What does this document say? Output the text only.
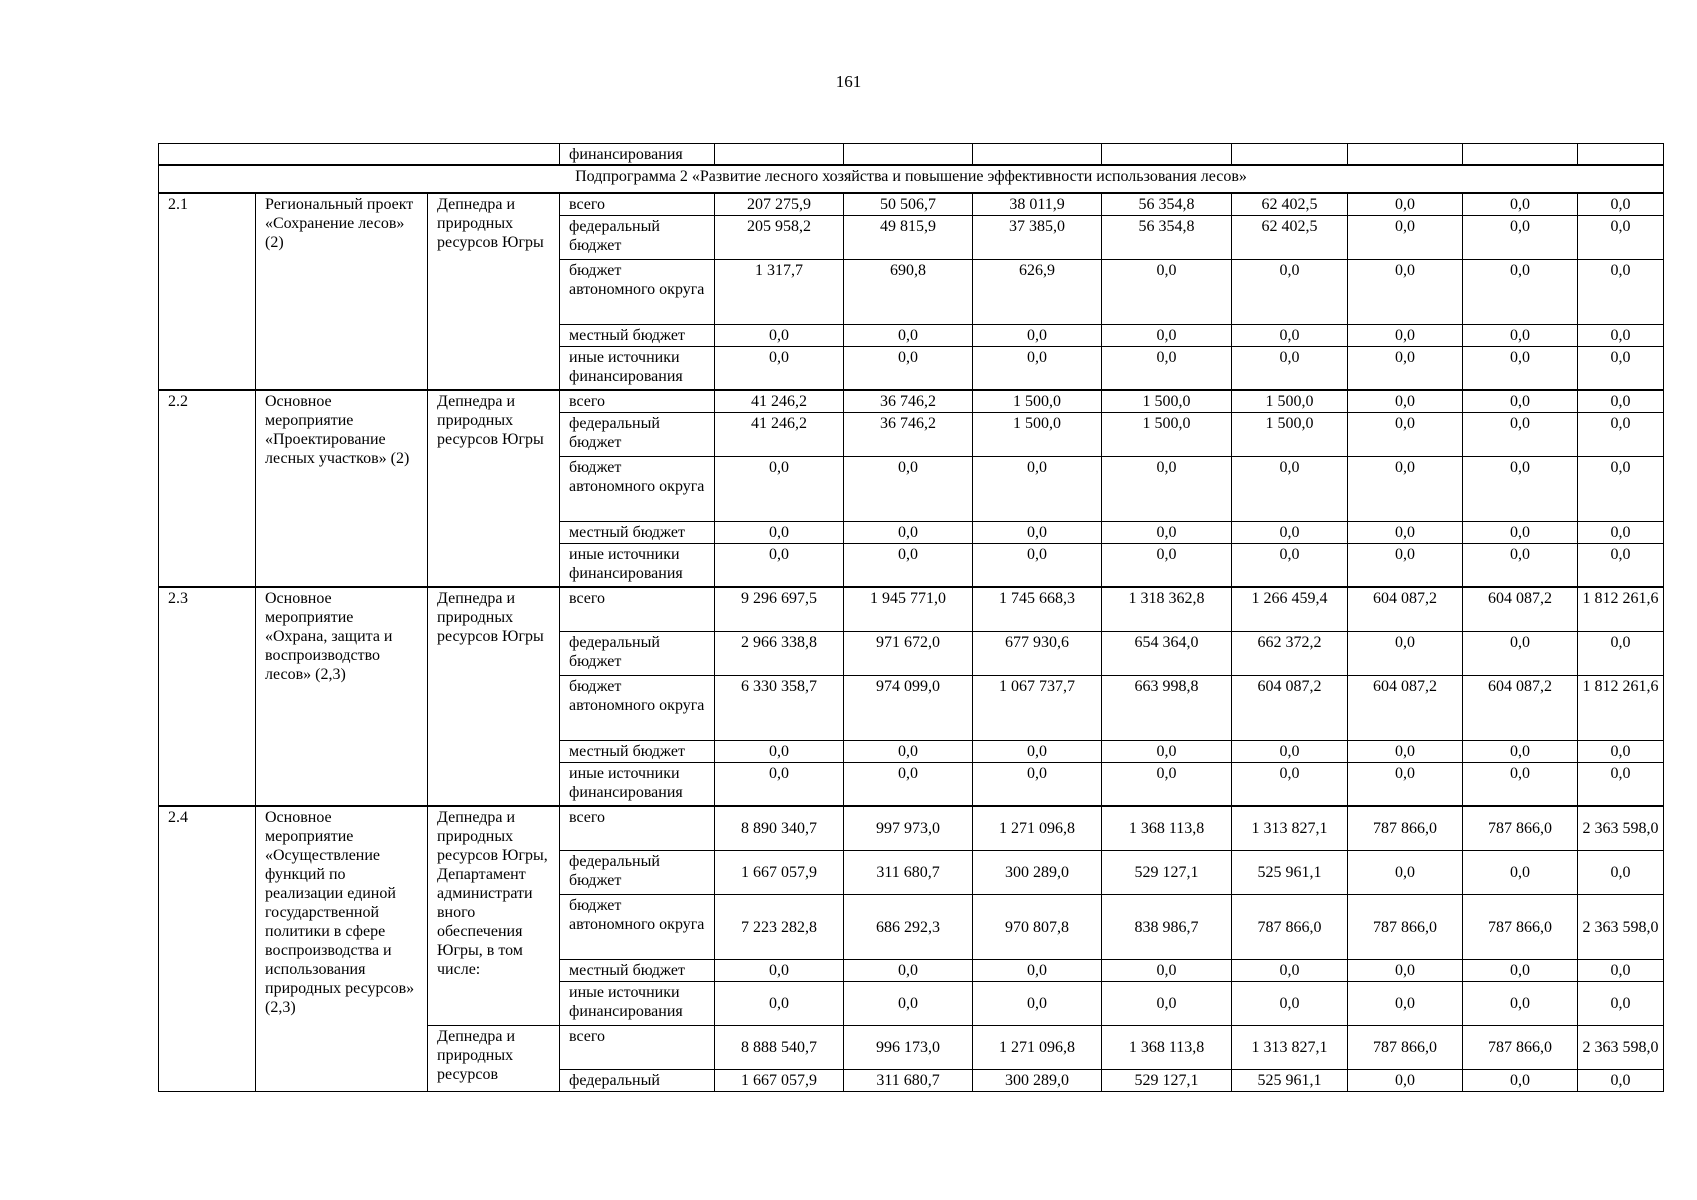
161
			финансирования								
Подпрограмма 2 «Развитие лесного хозяйства и повышение эффективности использования лесов»											
2.1	Региональный проект «Сохранение лесов» (2)	Депнедра и природных ресурсов Югры	всего	207 275,9	50 506,7	38 011,9	56 354,8	62 402,5	0,0	0,0	0,0
			федеральный бюджет	205 958,2	49 815,9	37 385,0	56 354,8	62 402,5	0,0	0,0	0,0
			бюджет автономного округа	1 317,7	690,8	626,9	0,0	0,0	0,0	0,0	0,0
			местный бюджет	0,0	0,0	0,0	0,0	0,0	0,0	0,0	0,0
			иные источники финансирования	0,0	0,0	0,0	0,0	0,0	0,0	0,0	0,0
2.2	Основное мероприятие «Проектирование лесных участков» (2)	Депнедра и природных ресурсов Югры	всего	41 246,2	36 746,2	1 500,0	1 500,0	1 500,0	0,0	0,0	0,0
			федеральный бюджет	41 246,2	36 746,2	1 500,0	1 500,0	1 500,0	0,0	0,0	0,0
			бюджет автономного округа	0,0	0,0	0,0	0,0	0,0	0,0	0,0	0,0
			местный бюджет	0,0	0,0	0,0	0,0	0,0	0,0	0,0	0,0
			иные источники финансирования	0,0	0,0	0,0	0,0	0,0	0,0	0,0	0,0
2.3	Основное мероприятие «Охрана, защита и воспроизводство лесов» (2,3)	Депнедра и природных ресурсов Югры	всего	9 296 697,5	1 945 771,0	1 745 668,3	1 318 362,8	1 266 459,4	604 087,2	604 087,2	1 812 261,6
			федеральный бюджет	2 966 338,8	971 672,0	677 930,6	654 364,0	662 372,2	0,0	0,0	0,0
			бюджет автономного округа	6 330 358,7	974 099,0	1 067 737,7	663 998,8	604 087,2	604 087,2	604 087,2	1 812 261,6
			местный бюджет	0,0	0,0	0,0	0,0	0,0	0,0	0,0	0,0
			иные источники финансирования	0,0	0,0	0,0	0,0	0,0	0,0	0,0	0,0
2.4	Основное мероприятие «Осуществление функций по реализации единой государственной политики в сфере воспроизводства и использования природных ресурсов» (2,3)	Депнедра и природных ресурсов Югры, Департамент администрати вного обеспечения Югры, в том числе:	всего	8 890 340,7	997 973,0	1 271 096,8	1 368 113,8	1 313 827,1	787 866,0	787 866,0	2 363 598,0
			федеральный бюджет	1 667 057,9	311 680,7	300 289,0	529 127,1	525 961,1	0,0	0,0	0,0
			бюджет автономного округа	7 223 282,8	686 292,3	970 807,8	838 986,7	787 866,0	787 866,0	787 866,0	2 363 598,0
			местный бюджет	0,0	0,0	0,0	0,0	0,0	0,0	0,0	0,0
			иные источники финансирования	0,0	0,0	0,0	0,0	0,0	0,0	0,0	0,0
		Депнедра и природных ресурсов	всего	8 888 540,7	996 173,0	1 271 096,8	1 368 113,8	1 313 827,1	787 866,0	787 866,0	2 363 598,0
			федеральный	1 667 057,9	311 680,7	300 289,0	529 127,1	525 961,1	0,0	0,0	0,0
